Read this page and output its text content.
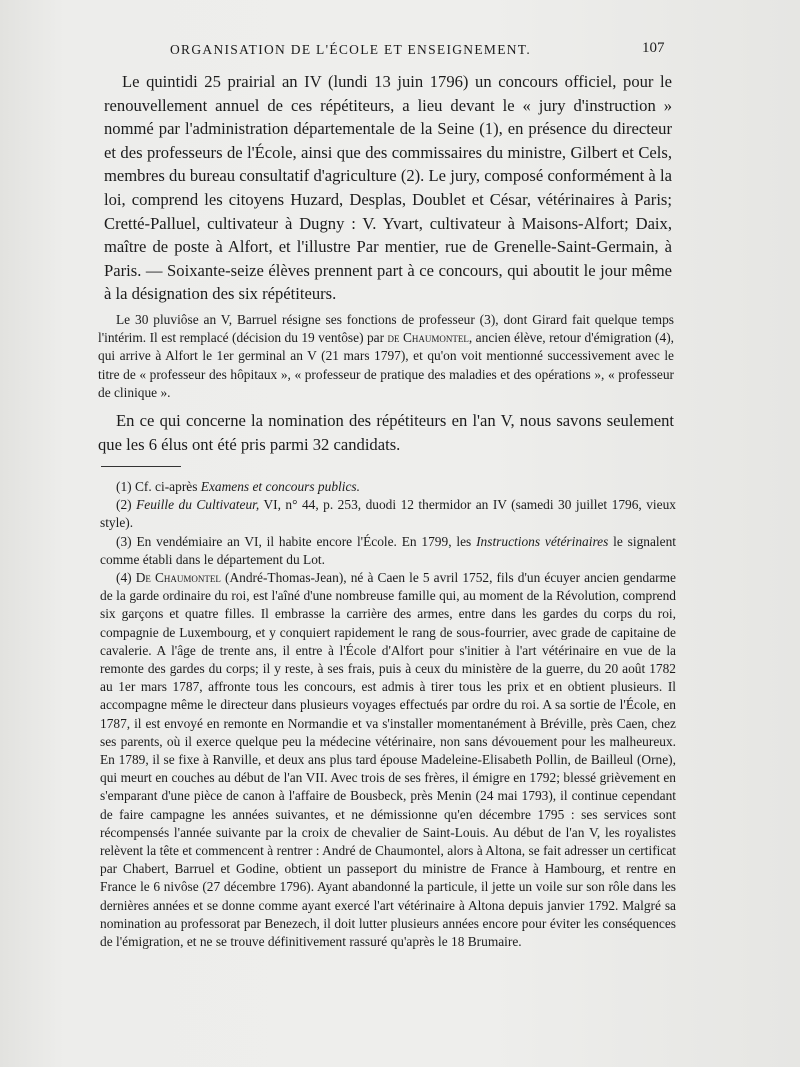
ORGANISATION DE L'ÉCOLE ET ENSEIGNEMENT.	107

Le quintidi 25 prairial an IV (lundi 13 juin 1796) un concours officiel, pour le renouvellement annuel de ces répétiteurs, a lieu devant le « jury d'instruction » nommé par l'administration départementale de la Seine (1), en présence du directeur et des professeurs de l'École, ainsi que des commissaires du ministre, Gilbert et Cels, membres du bureau consultatif d'agriculture (2). Le jury, composé conformément à la loi, comprend les citoyens Huzard, Desplas, Doublet et César, vétérinaires à Paris; Cretté-Palluel, cultivateur à Dugny : V. Yvart, cultivateur à Maisons-Alfort; Daix, maître de poste à Alfort, et l'illustre Par mentier, rue de Grenelle-Saint-Germain, à Paris. — Soixante-seize élèves prennent part à ce concours, qui aboutit le jour même à la désignation des six répétiteurs.

Le 30 pluviôse an V, Barruel résigne ses fonctions de professeur (3), dont Girard fait quelque temps l'intérim. Il est remplacé (décision du 19 ventôse) par de Chaumontel, ancien élève, retour d'émigration (4), qui arrive à Alfort le 1er germinal an V (21 mars 1797), et qu'on voit mentionné successivement avec le titre de « professeur des hôpitaux », « professeur de pratique des maladies et des opérations », « professeur de clinique ».

En ce qui concerne la nomination des répétiteurs en l'an V, nous savons seulement que les 6 élus ont été pris parmi 32 candidats.

(1) Cf. ci-après Examens et concours publics.

(2) Feuille du Cultivateur, VI, n° 44, p. 253, duodi 12 thermidor an IV (samedi 30 juillet 1796, vieux style).

(3) En vendémiaire an VI, il habite encore l'École. En 1799, les Instructions vétérinaires le signalent comme établi dans le département du Lot.

(4) De Chaumontel (André-Thomas-Jean), né à Caen le 5 avril 1752, fils d'un écuyer ancien gendarme de la garde ordinaire du roi, est l'aîné d'une nombreuse famille qui, au moment de la Révolution, comprend six garçons et quatre filles. Il embrasse la carrière des armes, entre dans les gardes du corps du roi, compagnie de Luxembourg, et y conquiert rapidement le rang de sous-fourrier, avec grade de capitaine de cavalerie. A l'âge de trente ans, il entre à l'École d'Alfort pour s'initier à l'art vétérinaire en vue de la remonte des gardes du corps; il y reste, à ses frais, puis à ceux du ministère de la guerre, du 20 août 1782 au 1er mars 1787, affronte tous les concours, est admis à tirer tous les prix et en obtient plusieurs. Il accompagne même le directeur dans plusieurs voyages effectués par ordre du roi. A sa sortie de l'École, en 1787, il est envoyé en remonte en Normandie et va s'installer momentanément à Bréville, près Caen, chez ses parents, où il exerce quelque peu la médecine vétérinaire, non sans dévouement pour les malheureux. En 1789, il se fixe à Ranville, et deux ans plus tard épouse Madeleine-Elisabeth Pollin, de Bailleul (Orne), qui meurt en couches au début de l'an VII. Avec trois de ses frères, il émigre en 1792; blessé grièvement en s'emparant d'une pièce de canon à l'affaire de Bousbeck, près Menin (24 mai 1793), il continue cependant de faire campagne les années suivantes, et ne démissionne qu'en décembre 1795 : ses services sont récompensés l'année suivante par la croix de chevalier de Saint-Louis. Au début de l'an V, les royalistes relèvent la tête et commencent à rentrer : André de Chaumontel, alors à Altona, se fait adresser un certificat par Chabert, Barruel et Godine, obtient un passeport du ministre de France à Hambourg, et rentre en France le 6 nivôse (27 décembre 1796). Ayant abandonné la particule, il jette un voile sur son rôle dans les dernières années et se donne comme ayant exercé l'art vétérinaire à Altona depuis janvier 1792. Malgré sa nomination au professorat par Benezech, il doit lutter plusieurs années encore pour éviter les conséquences de l'émigration, et ne se trouve définitivement rassuré qu'après le 18 Brumaire.
